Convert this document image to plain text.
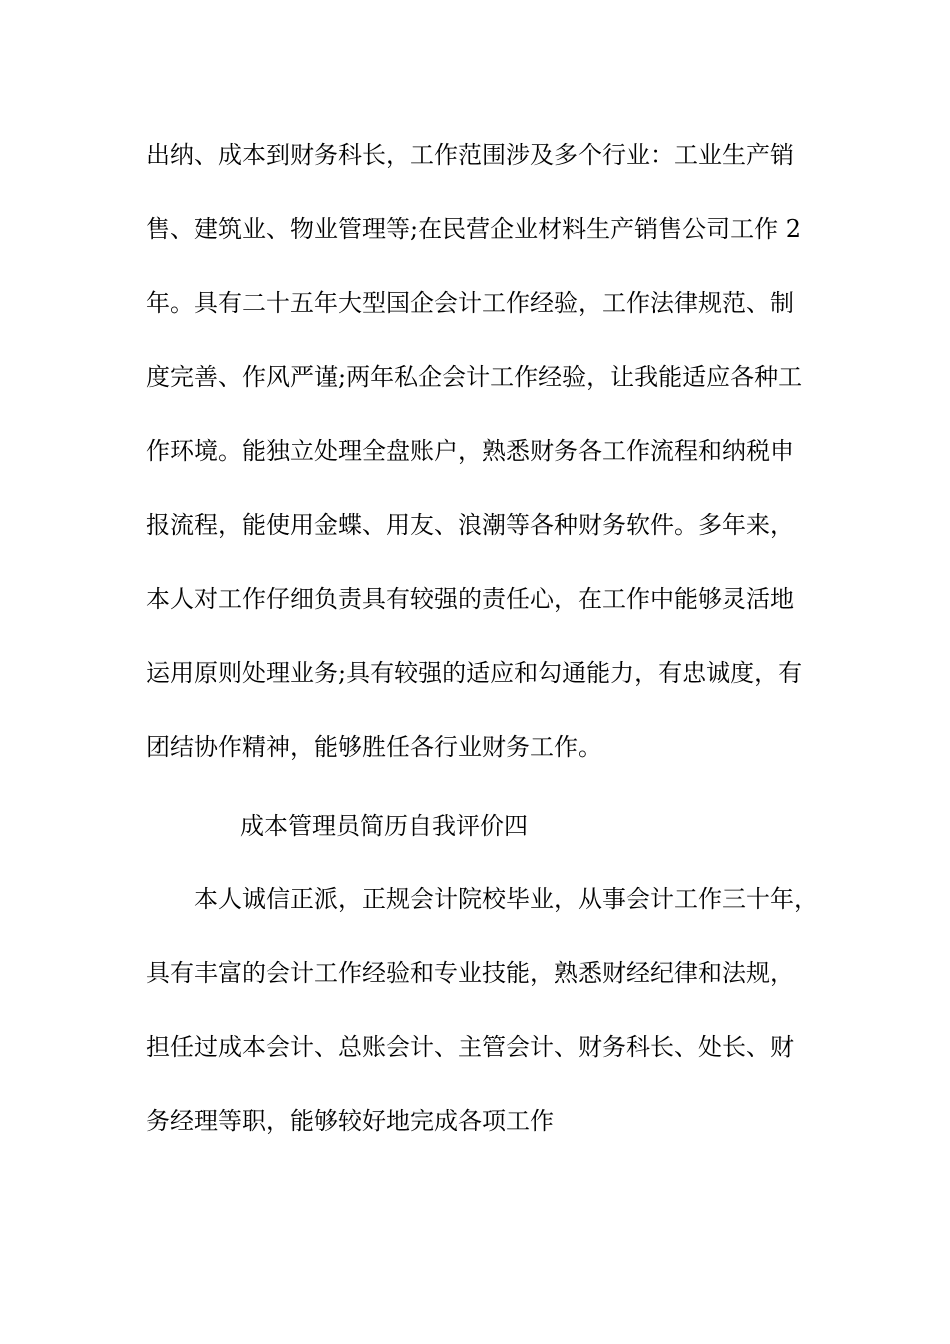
出纳、成本到财务科长，工作范围涉及多个行业：工业生产销
售、建筑业、物业管理等;在民营企业材料生产销售公司工作 2
年。具有二十五年大型国企会计工作经验，工作法律规范、制
度完善、作风严谨;两年私企会计工作经验，让我能适应各种工
作环境。能独立处理全盘账户，熟悉财务各工作流程和纳税申
报流程，能使用金蝶、用友、浪潮等各种财务软件。多年来，
本人对工作仔细负责具有较强的责任心，在工作中能够灵活地
运用原则处理业务;具有较强的适应和勾通能力，有忠诚度，有
团结协作精神，能够胜任各行业财务工作。
成本管理员简历自我评价四
本人诚信正派，正规会计院校毕业，从事会计工作三十年，
具有丰富的会计工作经验和专业技能，熟悉财经纪律和法规，
担任过成本会计、总账会计、主管会计、财务科长、处长、财
务经理等职，能够较好地完成各项工作
